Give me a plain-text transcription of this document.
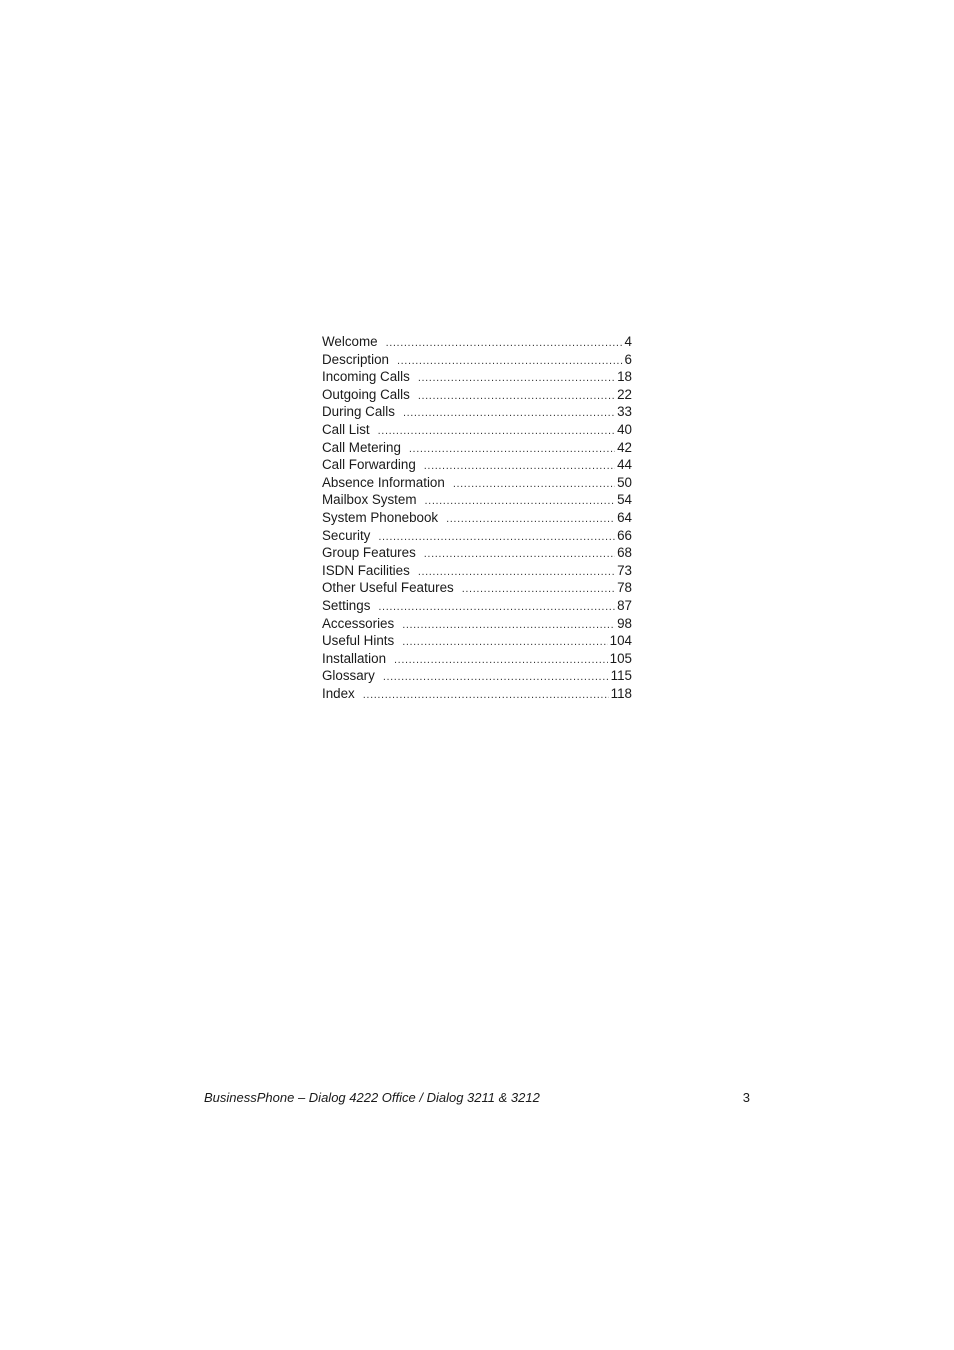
Welcome .....	4
Description .....	6
Incoming Calls .....	18
Outgoing Calls .....	22
During Calls .....	33
Call List .....	40
Call Metering .....	42
Call Forwarding .....	44
Absence Information .....	50
Mailbox System .....	54
System Phonebook .....	64
Security .....	66
Group Features .....	68
ISDN Facilities .....	73
Other Useful Features .....	78
Settings .....	87
Accessories .....	98
Useful Hints .....	104
Installation .....	105
Glossary .....	115
Index .....	118
BusinessPhone – Dialog 4222 Office / Dialog 3211 & 3212	3
